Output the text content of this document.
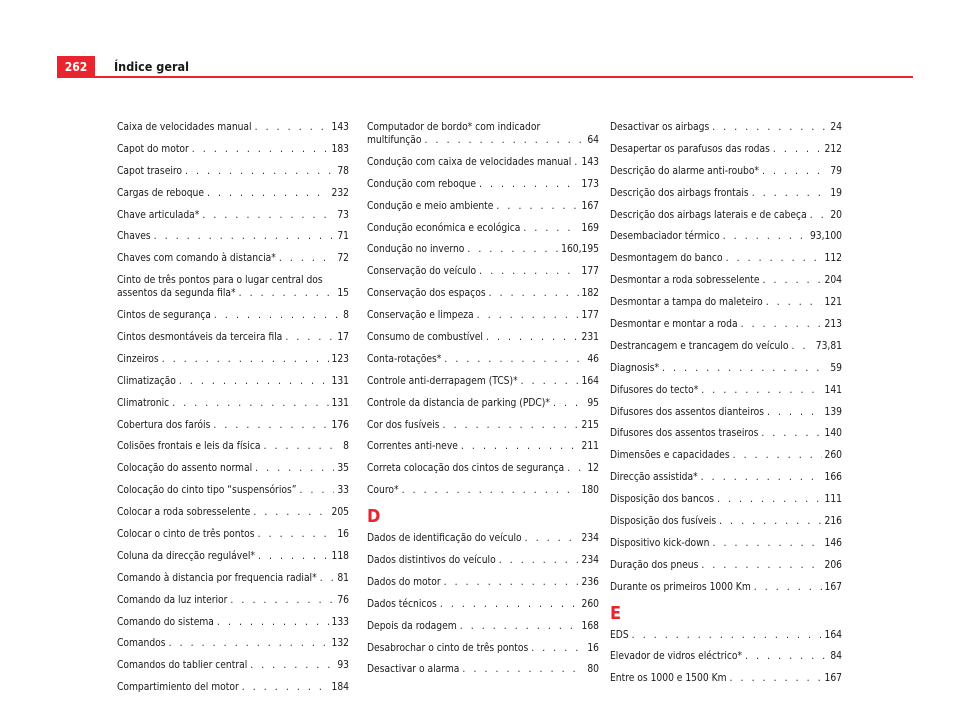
262	Índice geral
Caixa de velocidades manual . . .	143
Capot do motor . . .	183
Capot traseiro . . .	78
Cargas de reboque . . .	232
Chave articulada* . . .	73
Chaves . . .	71
Chaves com comando à distancia* . . .	72
Cinto de três pontos para o lugar central dos
assentos da segunda fila* . . .	15
Cintos de segurança . . .	8
Cintos desmontáveis da terceira fila . . .	17
Cinzeiros . . .	123
Climatização . . .	131
Climatronic . . .	131
Cobertura dos faróis . . .	176
Colisões frontais e leis da física . . .	8
Colocação do assento normal . . .	35
Colocação do cinto tipo “suspensórios” . . .	33
Colocar a roda sobresselente . . .	205
Colocar o cinto de três pontos . . .	16
Coluna da direcção regulável* . . .	118
Comando à distancia por frequencia radial* . . . 81
Comando da luz interior . . .	76
Comando do sistema . . .	133
Comandos . . .	132
Comandos do tablier central . . .	93
Compartimiento del motor . . .	184
Computador de bordo* com indicador
multifunção . . .	64
Condução com caixa de velocidades manual . . . 143
Condução com reboque . . .	173
Condução e meio ambiente . . .	167
Condução económica e ecológica . . .	169
Condução no inverno . . .	160,195
Conservação do veículo . . .	177
Conservação dos espaços . . .	182
Conservação e limpeza . . .	177
Consumo de combustível . . .	231
Conta-rotações* . . .	46
Controle anti-derrapagem (TCS)* . . .	164
Controle da distancia de parking (PDC)* . . .	95
Cor dos fusíveis . . .	215
Correntes anti-neve . . .	211
Correta colocação dos cintos de segurança . . . 12
Couro* . . .	180
D
Dados de identificação do veículo . . .	234
Dados distintivos do veículo . . .	234
Dados do motor . . .	236
Dados técnicos . . .	260
Depois da rodagem . . .	168
Desabrochar o cinto de três pontos . . .	16
Desactivar o alarma . . .	80
Desactivar os airbags . . .	24
Desapertar os parafusos das rodas . . .	212
Descrição do alarme anti-roubo* . . .	79
Descrição dos airbags frontais . . .	19
Descrição dos airbags laterais e de cabeça . . . 20
Desembaciador térmico . . .	93,100
Desmontagem do banco . . .	112
Desmontar a roda sobresselente . . .	204
Desmontar a tampa do maleteiro . . .	121
Desmontar e montar a roda . . .	213
Destrancagem e trancagem do veículo . . .	73,81
Diagnosis* . . .	59
Difusores do tecto* . . .	141
Difusores dos assentos dianteiros . . .	139
Difusores dos assentos traseiros . . .	140
Dimensões e capacidades . . .	260
Direcção assistida* . . .	166
Disposição dos bancos . . .	111
Disposição dos fusíveis . . .	216
Dispositivo kick-down . . .	146
Duração dos pneus . . .	206
Durante os primeiros 1000 Km . . .	167
E
EDS . . .	164
Elevador de vidros eléctrico* . . .	84
Entre os 1000 e 1500 Km . . .	167
